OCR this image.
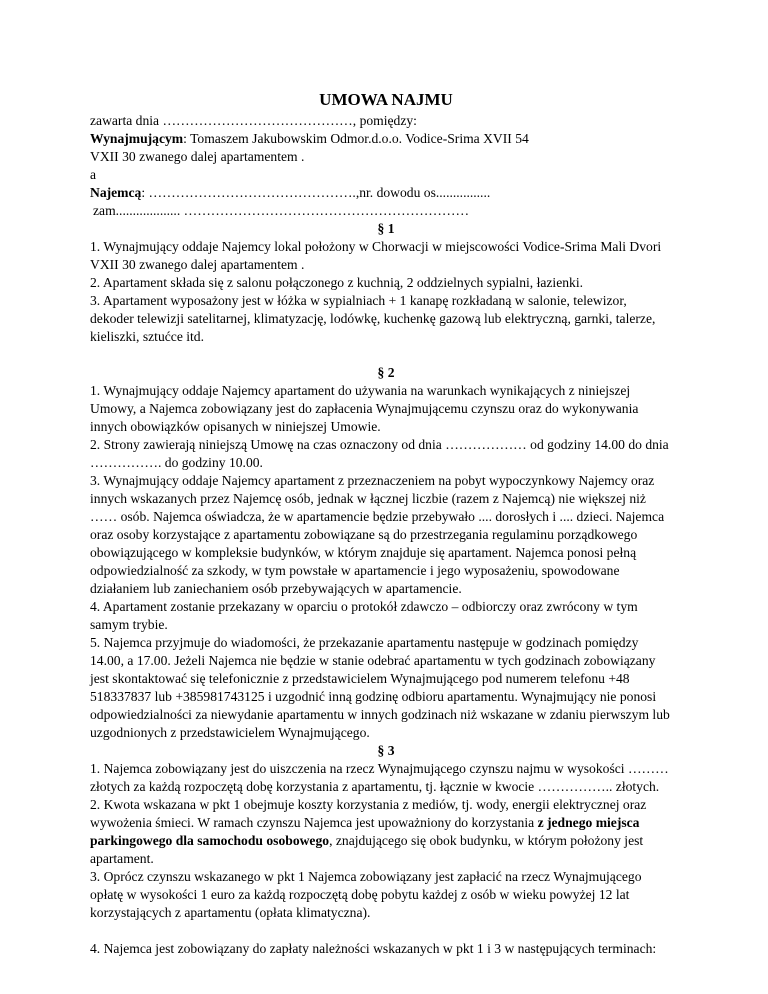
UMOWA NAJMU

zawarta dnia ……………………………………, pomiędzy:

Wynajmującym: Tomaszem Jakubowskim Odmor.d.o.o. Vodice-Srima XVII 54

VXII 30 zwanego dalej apartamentem .

a

Najemcą: ……………………………………….,nr. dowodu os................

zam................... ………………………………………………………

§ 1

1. Wynajmujący oddaje Najemcy lokal położony w Chorwacji w miejscowości Vodice-Srima Mali Dvori

VXII 30 zwanego dalej apartamentem .

2. Apartament składa się z salonu połączonego z kuchnią, 2 oddzielnych sypialni, łazienki.

3. Apartament wyposażony jest w łóżka w sypialniach + 1 kanapę rozkładaną w salonie, telewizor,

dekoder telewizji satelitarnej, klimatyzację, lodówkę, kuchenkę gazową lub elektryczną, garnki, talerze,

kieliszki, sztućce itd.

§ 2

1. Wynajmujący oddaje Najemcy apartament do używania na warunkach wynikających z niniejszej

Umowy, a Najemca zobowiązany jest do zapłacenia Wynajmującemu czynszu oraz do wykonywania

innych obowiązków opisanych w niniejszej Umowie.

2. Strony zawierają niniejszą Umowę na czas oznaczony od dnia ……………… od godziny 14.00 do dnia

……………. do godziny 10.00.

3. Wynajmujący oddaje Najemcy apartament z przeznaczeniem na pobyt wypoczynkowy Najemcy oraz

innych wskazanych przez Najemcę osób, jednak w łącznej liczbie (razem z Najemcą) nie większej niż

…… osób. Najemca oświadcza, że w apartamencie będzie przebywało .... dorosłych i .... dzieci. Najemca

oraz osoby korzystające z apartamentu zobowiązane są do przestrzegania regulaminu porządkowego

obowiązującego w kompleksie budynków, w którym znajduje się apartament. Najemca ponosi pełną

odpowiedzialność za szkody, w tym powstałe w apartamencie i jego wyposażeniu, spowodowane

działaniem lub zaniechaniem osób przebywających w apartamencie.

4. Apartament zostanie przekazany w oparciu o protokół zdawczo – odbiorczy oraz zwrócony w tym

samym trybie.

5. Najemca przyjmuje do wiadomości, że przekazanie apartamentu następuje w godzinach pomiędzy

14.00, a 17.00. Jeżeli Najemca nie będzie w stanie odebrać apartamentu w tych godzinach zobowiązany

jest skontaktować się telefonicznie z przedstawicielem Wynajmującego pod numerem telefonu +48

518337837 lub +385981743125 i uzgodnić inną godzinę odbioru apartamentu. Wynajmujący nie ponosi

odpowiedzialności za niewydanie apartamentu w innych godzinach niż wskazane w zdaniu pierwszym lub

uzgodnionych z przedstawicielem Wynajmującego.

§ 3

1. Najemca zobowiązany jest do uiszczenia na rzecz Wynajmującego czynszu najmu w wysokości ………

złotych za każdą rozpoczętą dobę korzystania z apartamentu, tj. łącznie w kwocie …………….. złotych.

2. Kwota wskazana w pkt 1 obejmuje koszty korzystania z mediów, tj. wody, energii elektrycznej oraz

wywożenia śmieci. W ramach czynszu Najemca jest upoważniony do korzystania z jednego miejsca

parkingowego dla samochodu osobowego, znajdującego się obok budynku, w którym położony jest

apartament.

3. Oprócz czynszu wskazanego w pkt 1 Najemca zobowiązany jest zapłacić na rzecz Wynajmującego

opłatę w wysokości 1 euro za każdą rozpoczętą dobę pobytu każdej z osób w wieku powyżej 12 lat

korzystających z apartamentu (opłata klimatyczna).

4. Najemca jest zobowiązany do zapłaty należności wskazanych w pkt 1 i 3 w następujących terminach:
